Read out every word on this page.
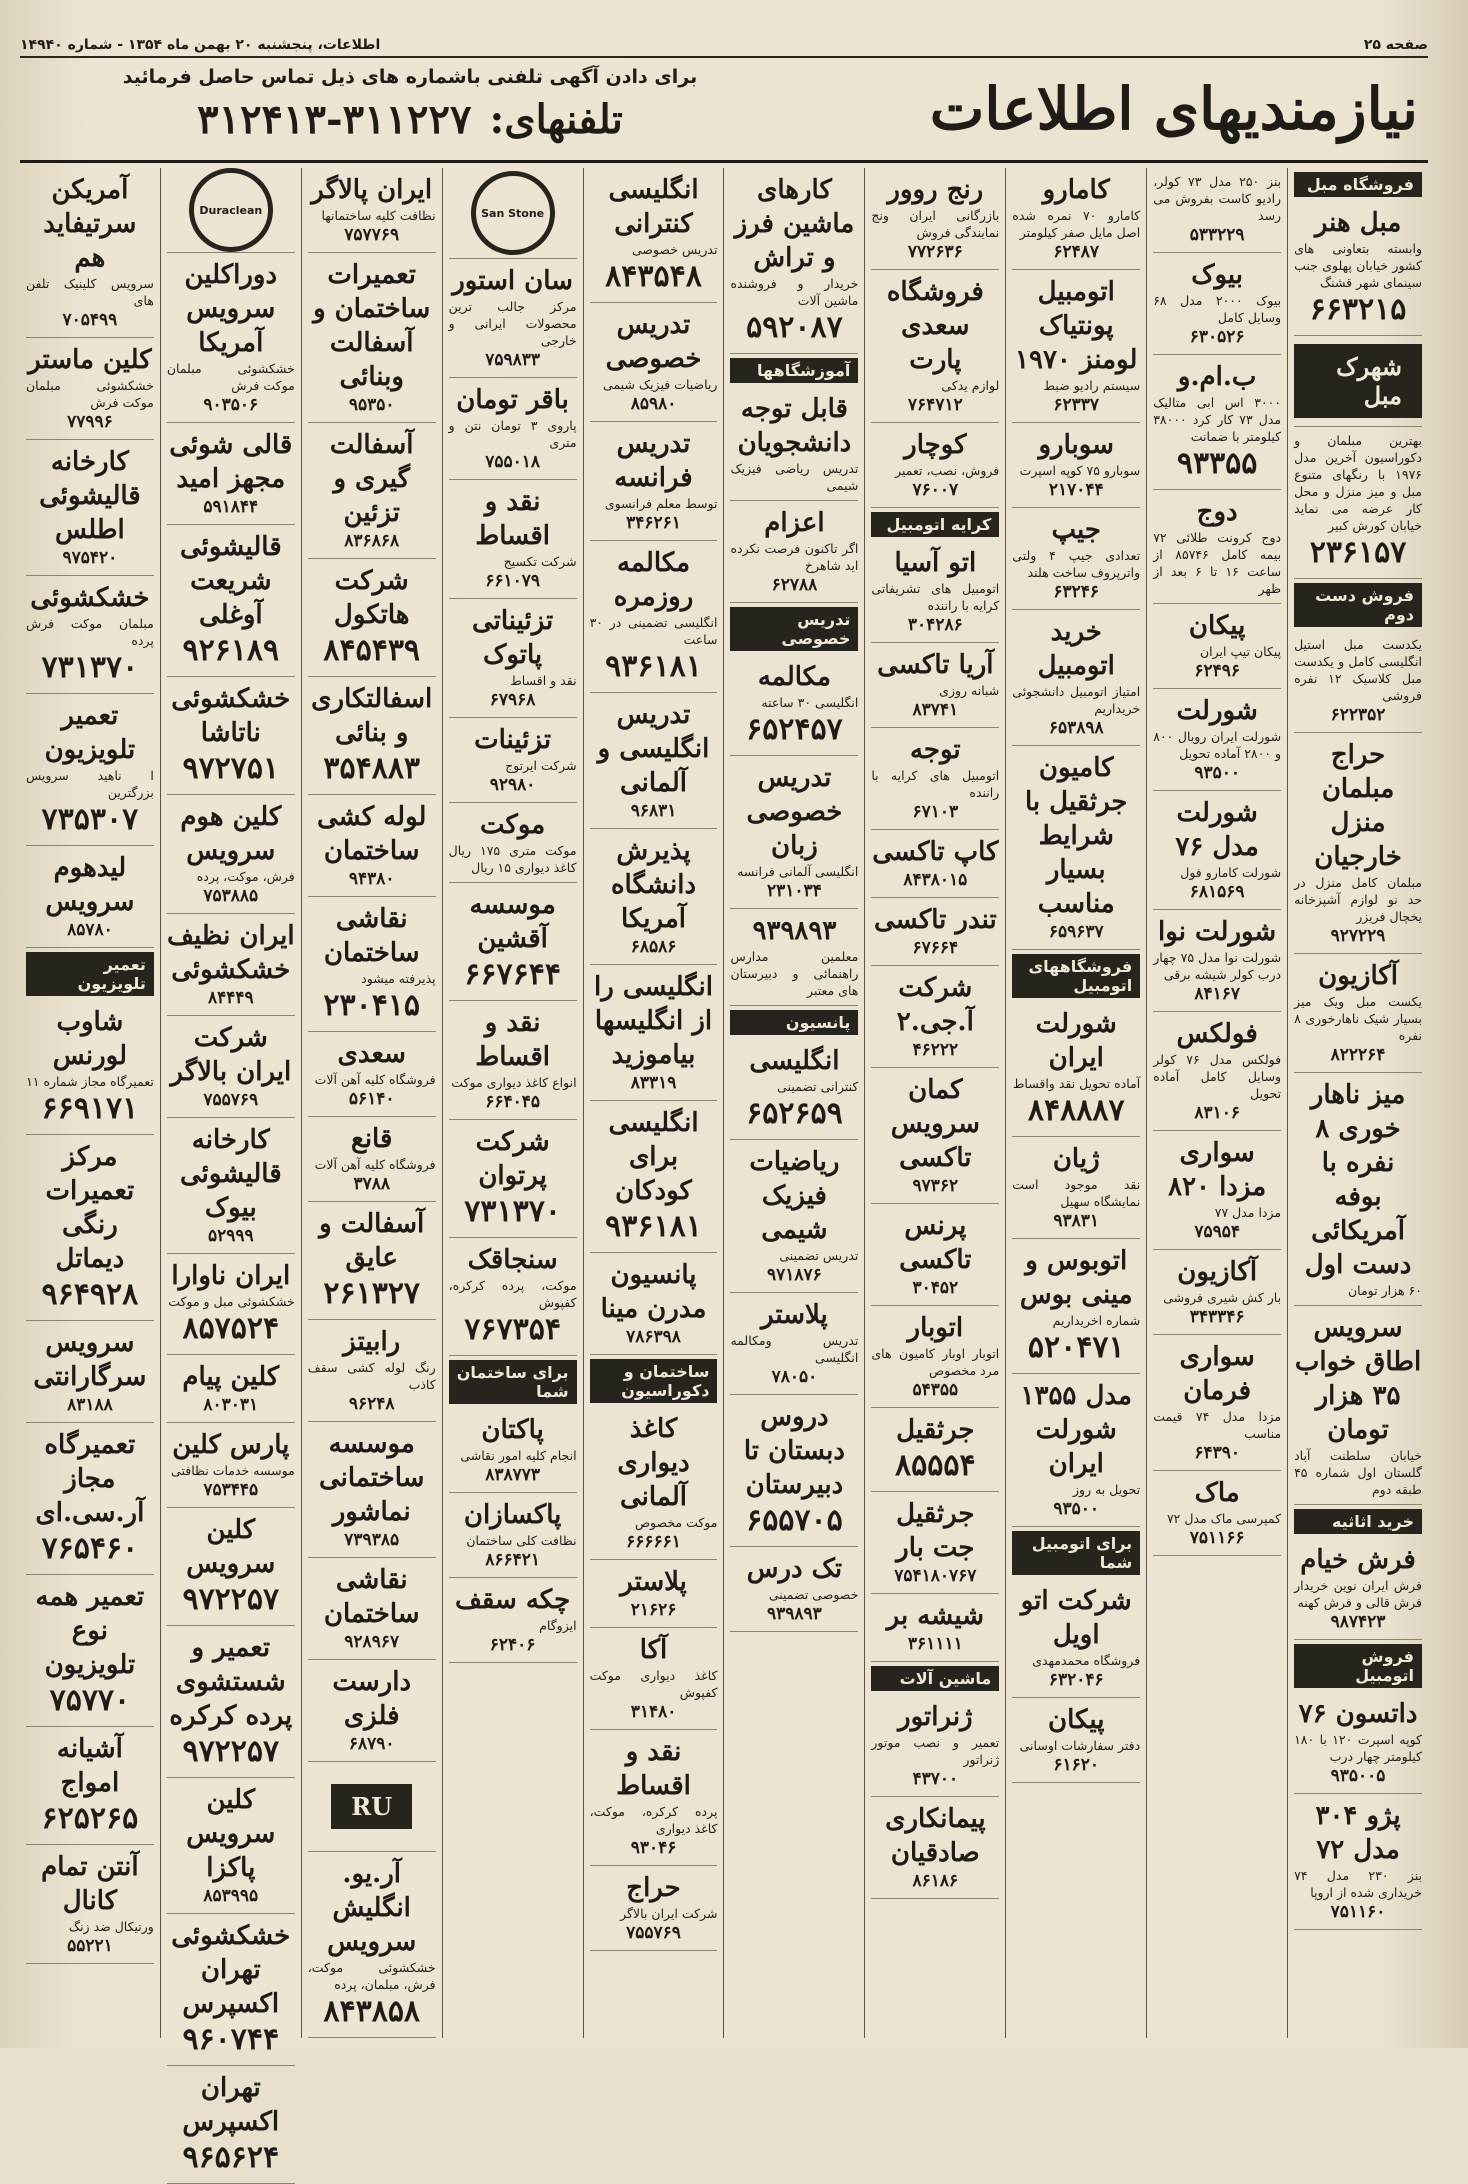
صفحه ۲۵
اطلاعات، پنجشنبه ۲۰ بهمن ماه ۱۳۵۴ - شماره ۱۴۹۴۰
نیازمندیهای اطلاعات
برای دادن آگهی تلفنی باشماره های ذیل تماس حاصل فرمائید
تلفنهای:۳۱۲۴۱۳-۳۱۱۲۲۷
فروشگاه مبل
مبل هنر
وابسته بتعاونی های کشور خیابان پهلوی جنب سینمای شهر قشنگ
۶۶۳۲۱۵
شهرک مبل
بهترین مبلمان و دکوراسیون آخرین مدل ۱۹۷۶ با رنگهای متنوع مبل و میز منزل و محل کار عرضه می نماید خیابان کورش کبیر
۲۳۶۱۵۷
فروش دست دوم
یکدست مبل استیل انگلیسی کامل و یکدست مبل کلاسیک ۱۲ نفره فروشی
۶۲۲۳۵۲
حراج مبلمان منزل خارجیان
مبلمان کامل منزل در حد نو لوازم آشپزخانه یخچال فریزر
۹۲۷۲۲۹
آکازیون
یکست مبل ویک میز بسیار شیک ناهارخوری ۸ نفره
۸۲۲۲۶۴
میز ناهار خوری ۸ نفره با بوفه آمریکائی دست اول
۶۰ هزار تومان
سرویس اطاق خواب ۳۵ هزار تومان
خیابان سلطنت آباد گلستان اول شماره ۴۵ طبقه دوم
خرید اثاثیه
فرش خیام
فرش ایران نوین خریدار فرش قالی و فرش کهنه
۹۸۷۴۲۳
فروش اتومبیل
داتسون ۷۶
کوپه اسپرت ۱۲۰ با ۱۸۰ کیلومتر چهار درب
۹۳۵۰۰۵
پژو ۳۰۴ مدل ۷۲
بنز ۲۳۰ مدل ۷۴ خریداری شده از اروپا
۷۵۱۱۶۰
بنز ۲۵۰ مدل ۷۳ کولر، رادیو کاست بفروش می رسد
۵۳۳۲۲۹
بیوک
بیوک ۲۰۰۰ مدل ۶۸ وسایل کامل
۶۳۰۵۲۶
ب.ام.و
۳۰۰۰ اس ابی متالیک مدل ۷۳ کار کرد ۳۸۰۰۰ کیلومتر با ضمانت
۹۳۳۵۵
دوج
دوج کرونت طلائی ۷۲ بیمه کامل ۸۵۷۴۶ از ساعت ۱۶ تا ۶ بعد از ظهر
پیکان
پیکان تیپ ایران
۶۲۴۹۶
شورلت
شورلت ایران رویال ۸۰۰ و ۲۸۰۰ آماده تحویل
۹۳۵۰۰
شورلت مدل ۷۶
شورلت کامارو فول
۶۸۱۵۶۹
شورلت نوا
شورلت نوا مدل ۷۵ چهار درب کولر شیشه برقی
۸۴۱۶۷
فولکس
فولکس مدل ۷۶ کولر وسایل کامل آماده تحویل
۸۳۱۰۶
سواری مزدا ۸۲۰
مزدا مدل ۷۷
۷۵۹۵۴
آکازیون
بار کش شیری فروشی
۳۴۳۳۴۶
سواری فرمان
مزدا مدل ۷۴ قیمت مناسب
۶۴۳۹۰
ماک
کمپرسی ماک مدل ۷۲
۷۵۱۱۶۶
کامارو
کامارو ۷۰ نمره شده اصل مایل صفر کیلومتر
۶۲۴۸۷
اتومبیل پونتیاک لومنز ۱۹۷۰
سیستم رادیو ضبط
۶۲۳۳۷
سوبارو
سوبارو ۷۵ کوپه اسپرت
۲۱۷۰۴۴
جیپ
تعدادی جیپ ۴ ولتی واترپروف ساخت هلند
۶۳۲۴۶
خرید اتومبیل
امتیاز اتومبیل دانشجوئی خریداریم
۶۵۳۸۹۸
کامیون جرثقیل با شرایط بسیار مناسب
۶۵۹۶۳۷
فروشگاههای اتومبیل
شورلت ایران
آماده تحویل نقد واقساط
۸۴۸۸۸۷
ژیان
نقد موجود است نمایشگاه سهیل
۹۳۸۳۱
اتوبوس و مینی بوس
شماره اخریداریم
۵۲۰۴۷۱
مدل ۱۳۵۵ شورلت ایران
تحویل به روز
۹۳۵۰۰
برای اتومبیل شما
شرکت اتو اویل
فروشگاه محمدمهدی
۶۳۲۰۴۶
پیکان
دفتر سفارشات اوسانی
۶۱۶۲۰
رنج روور
بازرگانی ایران ونج نمایندگی فروش
۷۷۲۶۳۶
فروشگاه سعدی پارت
لوازم یدکی
۷۶۴۷۱۲
کوچار
فروش، نصب، تعمیر
۷۶۰۰۷
کرایه اتومبیل
اتو آسیا
اتومبیل های تشریفاتی کرایه با راننده
۳۰۴۲۸۶
آریا تاکسی
شبانه روزی
۸۳۷۴۱
توجه
اتومبیل های کرایه با راننده
۶۷۱۰۳
کاپ تاکسی
۸۴۳۸۰۱۵
تندر تاکسی
۶۷۶۶۴
شرکت آ.جی.۲
۴۶۲۲۲
کمان سرویس تاکسی
۹۷۳۶۲
پرنس تاکسی
۳۰۴۵۲
اتوبار
اتوبار اوبار کامیون های مرد مخصوص
۵۴۳۵۵
جرثقیل
۸۵۵۵۴
جرثقیل جت بار
۷۵۴۱۸۰۷۶۷
شیشه بر
۳۶۱۱۱۱
ماشین آلات
ژنراتور
تعمیر و نصب موتور ژنراتور
۴۳۷۰۰
پیمانکاری صادقیان
۸۶۱۸۶
کارهای ماشین فرز و تراش
خریدار و فروشنده ماشین آلات
۵۹۲۰۸۷
آموزشگاهها
قابل توجه دانشجویان
تدریس ریاضی فیزیک شیمی
اعزام
اگر تاکنون فرصت نکرده اید شاهرخ
۶۲۷۸۸
تدریس خصوصی
مکالمه
انگلیسی ۳۰ ساعته
۶۵۲۴۵۷
تدریس خصوصی زبان
انگلیسی آلمانی فرانسه
۲۳۱۰۳۴
۹۳۹۸۹۳
معلمین مدارس راهنمائی و دبیرستان های معتبر
پانسیون
انگلیسی
کنترانی تضمینی
۶۵۲۶۵۹
ریاضیات فیزیک شیمی
تدریس تضمینی
۹۷۱۸۷۶
پلاستر
تدریس ومکالمه انگلیسی
۷۸۰۵۰
دروس دبستان تا دبیرستان
۶۵۵۷۰۵
تک درس
خصوصی تضمینی
۹۳۹۸۹۳
انگلیسی کنترانی
تدریس خصوصی
۸۴۳۵۴۸
تدریس خصوصی
ریاضیات فیزیک شیمی
۸۵۹۸۰
تدریس فرانسه
توسط معلم فرانسوی
۳۴۶۲۶۱
مکالمه روزمره
انگلیسی تضمینی در ۳۰ ساعت
۹۳۶۱۸۱
تدریس انگلیسی و آلمانی
۹۶۸۳۱
پذیرش دانشگاه آمریکا
۶۸۵۸۶
انگلیسی را از انگلیسها بیاموزید
۸۳۳۱۹
انگلیسی برای کودکان
۹۳۶۱۸۱
پانسیون مدرن مینا
۷۸۶۳۹۸
ساختمان و دکوراسیون
کاغذ دیواری آلمانی
موکت مخصوص
۶۶۶۶۶۱
پلاستر
۲۱۶۲۶
آکا
کاغذ دیواری موکت کفپوش
۳۱۴۸۰
نقد و اقساط
پرده کرکره، موکت، کاغذ دیواری
۹۳۰۴۶
حراج
شرکت ایران بالاگر
۷۵۵۷۶۹
San Stone
سان استور
مرکز جالب ترین محصولات ایرانی و خارجی
۷۵۹۸۳۳
باقر تومان
پاروی ۳ تومان نتن و متری
۷۵۵۰۱۸
نقد و اقساط
شرکت تکسیج
۶۶۱۰۷۹
تزئیناتی پاتوک
نقد و اقساط
۶۷۹۶۸
تزئینات
شرکت ایرتوج
۹۲۹۸۰
موکت
موکت متری ۱۷۵ ریال کاغذ دیواری ۱۵ ریال
موسسه آقشین
۶۶۷۶۴۴
نقد و اقساط
انواع کاغذ دیواری موکت
۶۶۴۰۴۵
شرکت پرتوان
۷۳۱۳۷۰
سنجاقک
موکت، پرده کرکره، کفپوش
۷۶۷۳۵۴
برای ساختمان شما
پاکتان
انجام کلیه امور نقاشی
۸۳۸۷۷۳
پاکسازان
نظافت کلی ساختمان
۸۶۶۴۲۱
چکه سقف
ایزوگام
۶۲۴۰۶
ایران پالاگر
نظافت کلیه ساختمانها
۷۵۷۷۶۹
تعمیرات ساختمان و آسفالت وبنائی
۹۵۳۵۰
آسفالت گیری و تزئین
۸۳۶۸۶۸
شرکت هاتکول
۸۴۵۴۳۹
اسفالتکاری و بنائی
۳۵۴۸۸۳
لوله کشی ساختمان
۹۴۳۸۰
نقاشی ساختمان
پذیرفته میشود
۲۳۰۴۱۵
سعدی
فروشگاه کلیه آهن آلات
۵۶۱۴۰
قانع
فروشگاه کلیه آهن آلات
۳۷۸۸
آسفالت و عایق
۲۶۱۳۲۷
رابیتز
رنگ لوله کشی سقف کاذب
۹۶۲۴۸
موسسه ساختمانی نماشور
۷۳۹۳۸۵
نقاشی ساختمان
۹۲۸۹۶۷
دارست فلزی
۶۸۷۹۰
RU
آر.یو. انگلیش سرویس
خشکشوئی موکت، فرش، مبلمان، پرده
۸۴۳۸۵۸
Duraclean
دوراکلین سرویس آمریکا
خشکشوئی مبلمان موکت فرش
۹۰۳۵۰۶
قالی شوئی مجهز امید
۵۹۱۸۴۴
قالیشوئی شریعت آوغلی
۹۲۶۱۸۹
خشکشوئی ناتاشا
۹۷۲۷۵۱
کلین هوم سرویس
فرش، موکت، پرده
۷۵۳۸۸۵
ایران نظیف خشکشوئی
۸۴۴۴۹
شرکت ایران بالاگر
۷۵۵۷۶۹
کارخانه قالیشوئی بیوک
۵۲۹۹۹
ایران ناوارا
خشکشوئی مبل و موکت
۸۵۷۵۲۴
کلین پیام
۸۰۳۰۳۱
پارس کلین
موسسه خدمات نظافتی
۷۵۳۴۴۵
کلین سرویس
۹۷۲۲۵۷
تعمیر و شستشوی پرده کرکره
۹۷۲۲۵۷
کلین سرویس پاکزا
۸۵۳۹۹۵
خشکشوئی تهران اکسپرس
۹۶۰۷۴۴
تهران اکسپرس
۹۶۵۶۲۴
آمریکن سرتیفاید هم
سرویس کلینیک تلفن های
۷۰۵۴۹۹
کلین ماستر
خشکشوئی مبلمان موکت فرش
۷۷۹۹۶
کارخانه قالیشوئی اطلس
۹۷۵۴۲۰
خشکشوئی
مبلمان موکت فرش پرده
۷۳۱۳۷۰
تعمیر تلویزیون
ا ناهید سرویس بزرگترین
۷۳۵۳۰۷
لیدهوم سرویس
۸۵۷۸۰
تعمیر تلویزیون
شاوب لورنس
تعمیرگاه مجاز شماره ۱۱
۶۶۹۱۷۱
مرکز تعمیرات رنگی دیماتل
۹۶۴۹۲۸
سرویس سرگارانتی
۸۳۱۸۸
تعمیرگاه مجاز آر.سی.ای
۷۶۵۴۶۰
تعمیر همه نوع تلویزیون
۷۵۷۷۰
آشیانه امواج
۶۲۵۲۶۵
آنتن تمام کانال
ورتیکال ضد زنگ
۵۵۲۲۱
